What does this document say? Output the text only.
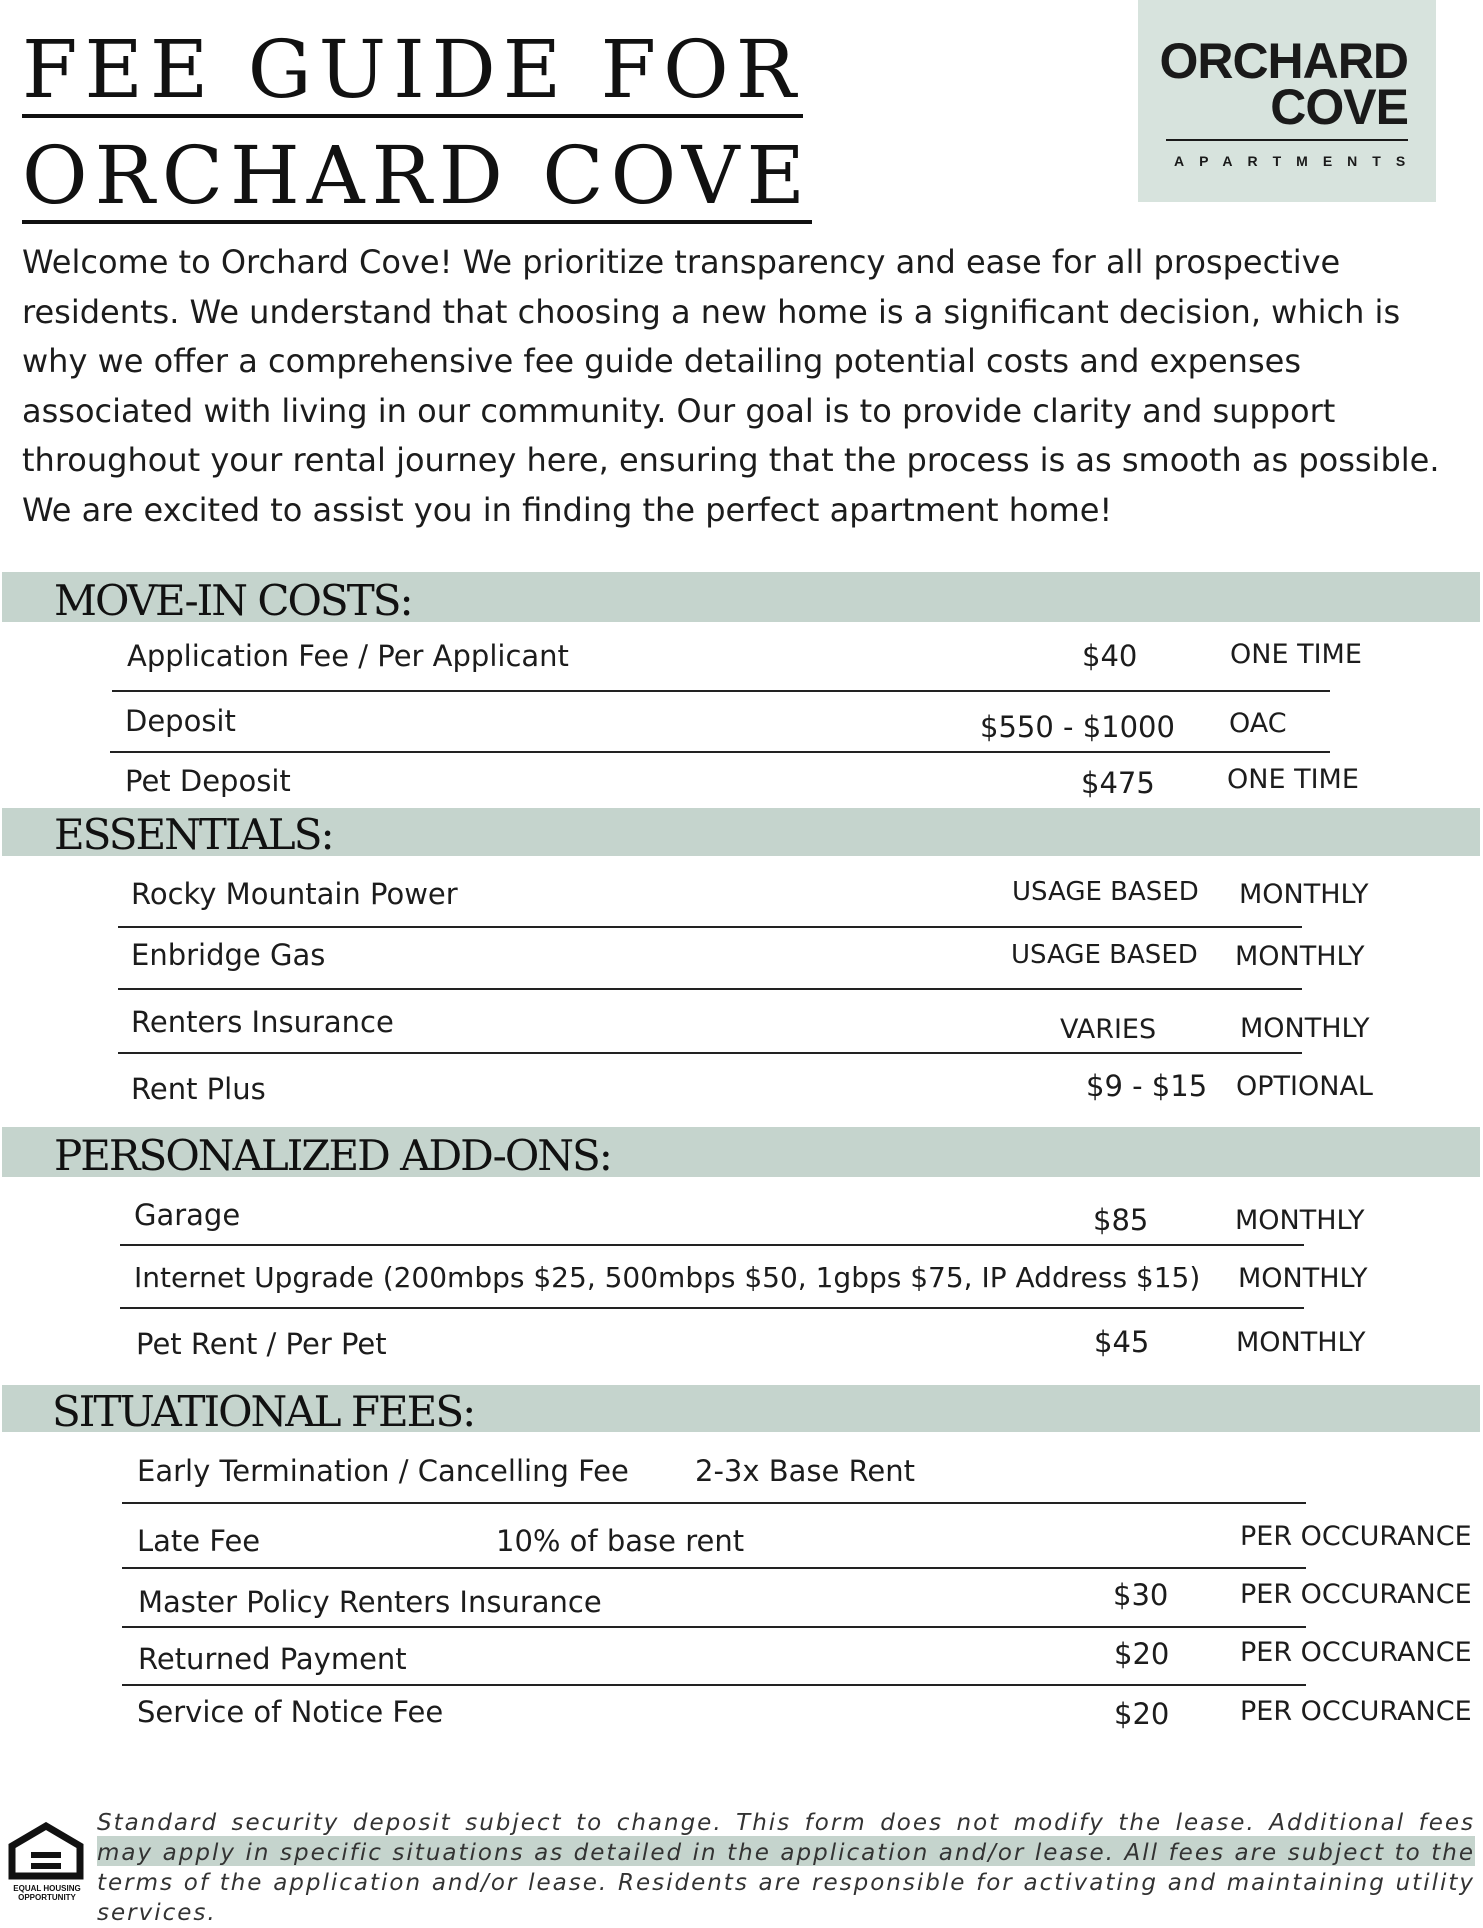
FEE GUIDE FOR
ORCHARD COVE
ORCHARD
COVE
APARTMENTS
Welcome to Orchard Cove! We prioritize transparency and ease for all prospective residents. We understand that choosing a new home is a significant decision, which is why we offer a comprehensive fee guide detailing potential costs and expenses associated with living in our community. Our goal is to provide clarity and support throughout your rental journey here, ensuring that the process is as smooth as possible. We are excited to assist you in finding the perfect apartment home!
MOVE-IN COSTS:
Application Fee / Per Applicant	$40	ONE TIME
Deposit	$550 - $1000 OAC
Pet Deposit	$475	ONE TIME
ESSENTIALS:
Rocky Mountain Power	USAGE BASED MONTHLY
Enbridge Gas	USAGE BASED MONTHLY
Renters Insurance	VARIES	MONTHLY
Rent Plus	$9 - $15 OPTIONAL
PERSONALIZED ADD-ONS:
Garage	$85	MONTHLY
Internet Upgrade (200mbps $25, 500mbps $50, 1gbps $75, IP Address $15) MONTHLY
Pet Rent / Per Pet	$45	MONTHLY
SITUATIONAL FEES:
Early Termination / Cancelling Fee 2-3x Base Rent
Late Fee	10% of base rent	PER OCCURANCE
Master Policy Renters Insurance	$30	PER OCCURANCE
Returned Payment	$20	PER OCCURANCE
Service of Notice Fee	$20	PER OCCURANCE
Standard security deposit subject to change. This form does not modify the lease. Additional fees may apply in specific situations as detailed in the application and/or lease. All fees are subject to the terms of the application and/or lease. Residents are responsible for activating and maintaining utility services.
EQUAL HOUSING
OPPORTUNITY
